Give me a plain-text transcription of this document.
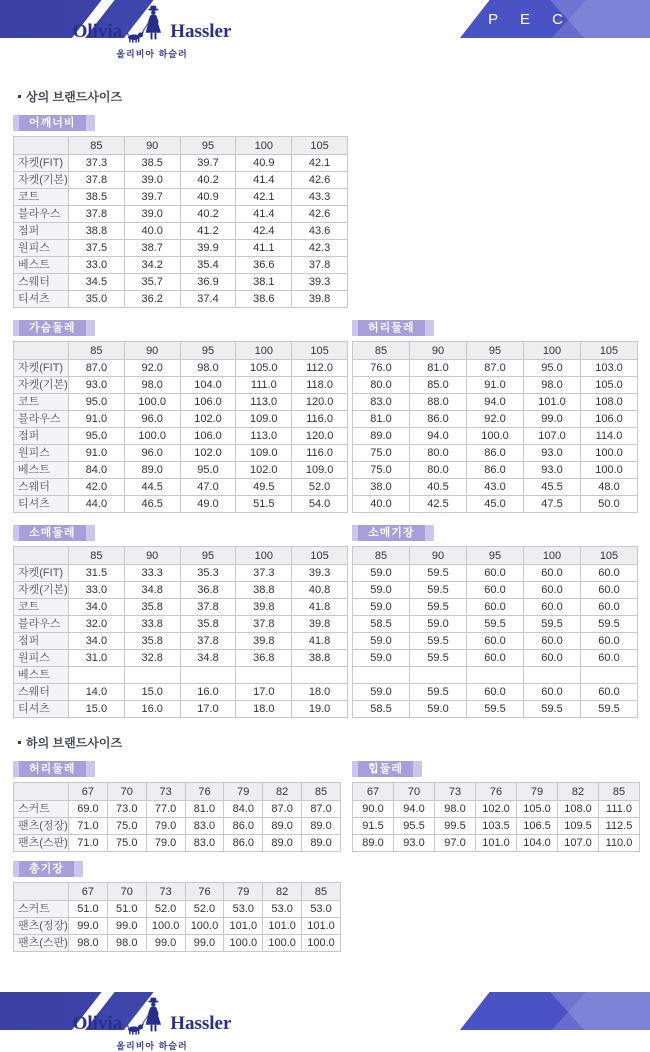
S I Z E S P E C
Olivia	Hassler
올리비아 하슬러
상의 브랜드사이즈
어깨너비
	85	90	95	100	105
자켓(FIT)	37.3	38.5	39.7	40.9	42.1
자켓(기본)	37.8	39.0	40.2	41.4	42.6
코트	38.5	39.7	40.9	42.1	43.3
블라우스	37.8	39.0	40.2	41.4	42.6
점퍼	38.8	40.0	41.2	42.4	43.6
원피스	37.5	38.7	39.9	41.1	42.3
베스트	33.0	34.2	35.4	36.6	37.8
스웨터	34.5	35.7	36.9	38.1	39.3
티셔츠	35.0	36.2	37.4	38.6	39.8
가슴둘레
	85	90	95	100	105
자켓(FIT)	87.0	92.0	98.0	105.0	112.0
자켓(기본)	93.0	98.0	104.0	111.0	118.0
코트	95.0	100.0	106.0	113.0	120.0
블라우스	91.0	96.0	102.0	109.0	116.0
점퍼	95.0	100.0	106.0	113.0	120.0
원피스	91.0	96.0	102.0	109.0	116.0
베스트	84.0	89.0	95.0	102.0	109.0
스웨터	42.0	44.5	47.0	49.5	52.0
티셔츠	44.0	46.5	49.0	51.5	54.0
허리둘레
85	90	95	100	105
76.0	81.0	87.0	95.0	103.0
80.0	85.0	91.0	98.0	105.0
83.0	88.0	94.0	101.0	108.0
81.0	86.0	92.0	99.0	106.0
89.0	94.0	100.0	107.0	114.0
75.0	80.0	86.0	93.0	100.0
75.0	80.0	86.0	93.0	100.0
38.0	40.5	43.0	45.5	48.0
40.0	42.5	45.0	47.5	50.0
소매둘레
	85	90	95	100	105
자켓(FIT)	31.5	33.3	35.3	37.3	39.3
자켓(기본)	33.0	34.8	36.8	38.8	40.8
코트	34.0	35.8	37.8	39.8	41.8
블라우스	32.0	33.8	35.8	37.8	39.8
점퍼	34.0	35.8	37.8	39.8	41.8
원피스	31.0	32.8	34.8	36.8	38.8
베스트					
스웨터	14.0	15.0	16.0	17.0	18.0
티셔츠	15.0	16.0	17.0	18.0	19.0
소매기장
85	90	95	100	105
59.0	59.5	60.0	60.0	60.0
59.0	59.5	60.0	60.0	60.0
59.0	59.5	60.0	60.0	60.0
58.5	59.0	59.5	59.5	59.5
59.0	59.5	60.0	60.0	60.0
59.0	59.5	60.0	60.0	60.0

59.0	59.5	60.0	60.0	60.0
58.5	59.0	59.5	59.5	59.5
하의 브랜드사이즈
허리둘레
	67	70	73	76	79	82	85
스커트	69.0	73.0	77.0	81.0	84.0	87.0	87.0
팬츠(정장)	71.0	75.0	79.0	83.0	86.0	89.0	89.0
팬츠(스판)	71.0	75.0	79.0	83.0	86.0	89.0	89.0
힙둘레
67	70	73	76	79	82	85
90.0	94.0	98.0	102.0	105.0	108.0	111.0
91.5	95.5	99.5	103.5	106.5	109.5	112.5
89.0	93.0	97.0	101.0	104.0	107.0	110.0
총기장
	67	70	73	76	79	82	85
스커트	51.0	51.0	52.0	52.0	53.0	53.0	53.0
팬츠(정장)	99.0	99.0	100.0	100.0	101.0	101.0	101.0
팬츠(스판)	98.0	98.0	99.0	99.0	100.0	100.0	100.0
Olivia	Hassler
올리비아 하슬러
